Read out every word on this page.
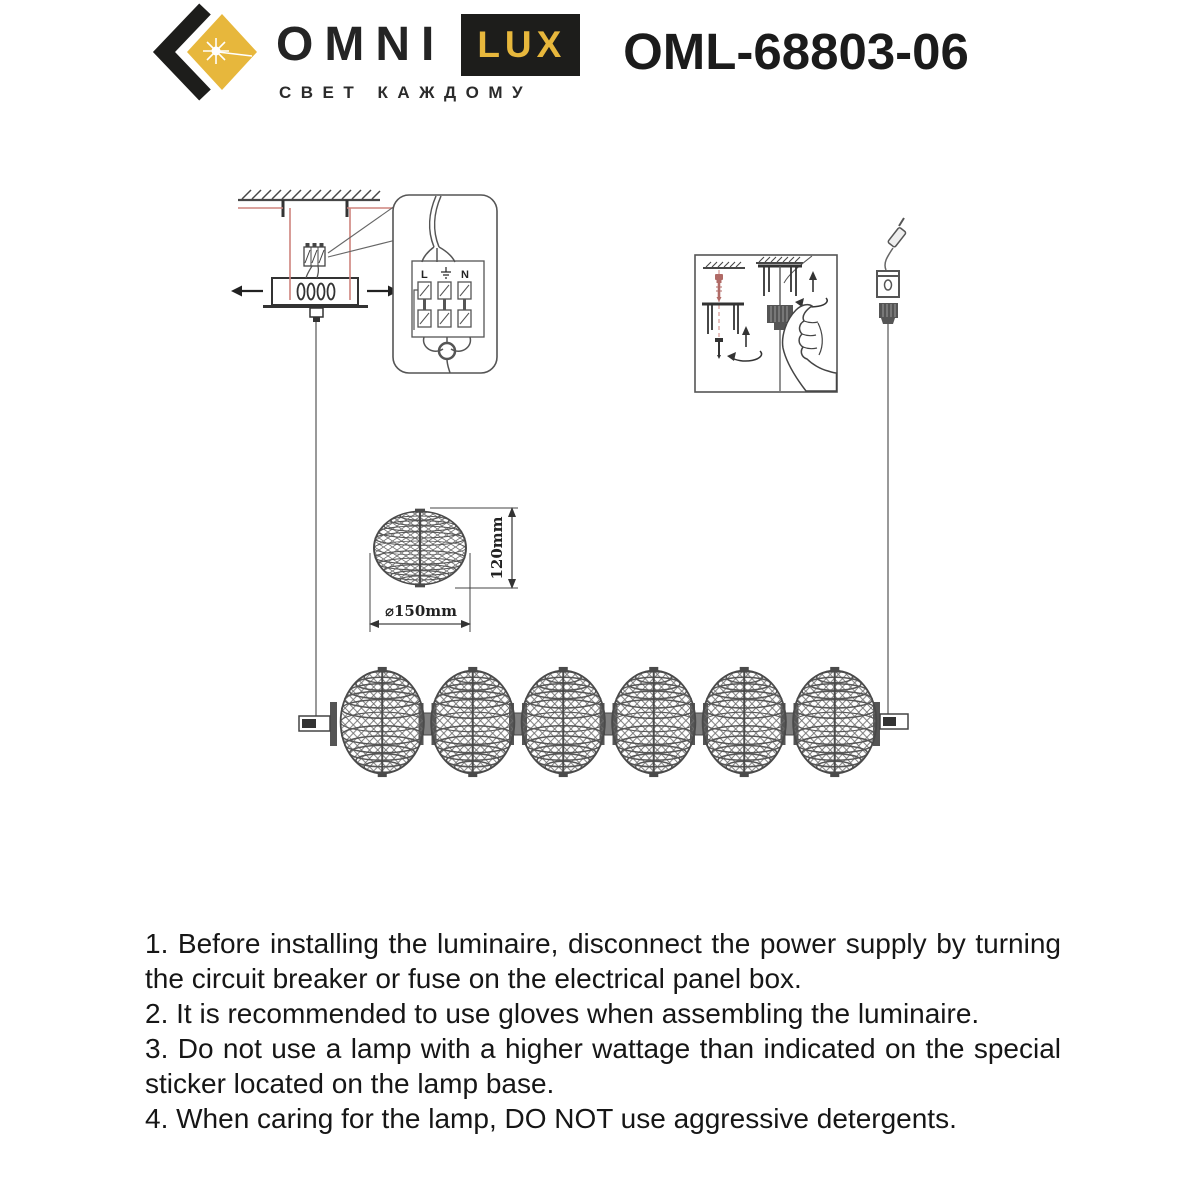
OMNI LUX
СВЕТ КАЖДОМУ
OML-68803-06
L	N
120mm
⌀150mm

1. Before installing the luminaire, disconnect the power supply by turning the circuit breaker or fuse on the electrical panel box.

2. It is recommended to use gloves when assembling the luminaire.

3. Do not use a lamp with a higher wattage than indicated on the special sticker located on the lamp base.

4. When caring for the lamp, DO NOT use aggressive detergents.
